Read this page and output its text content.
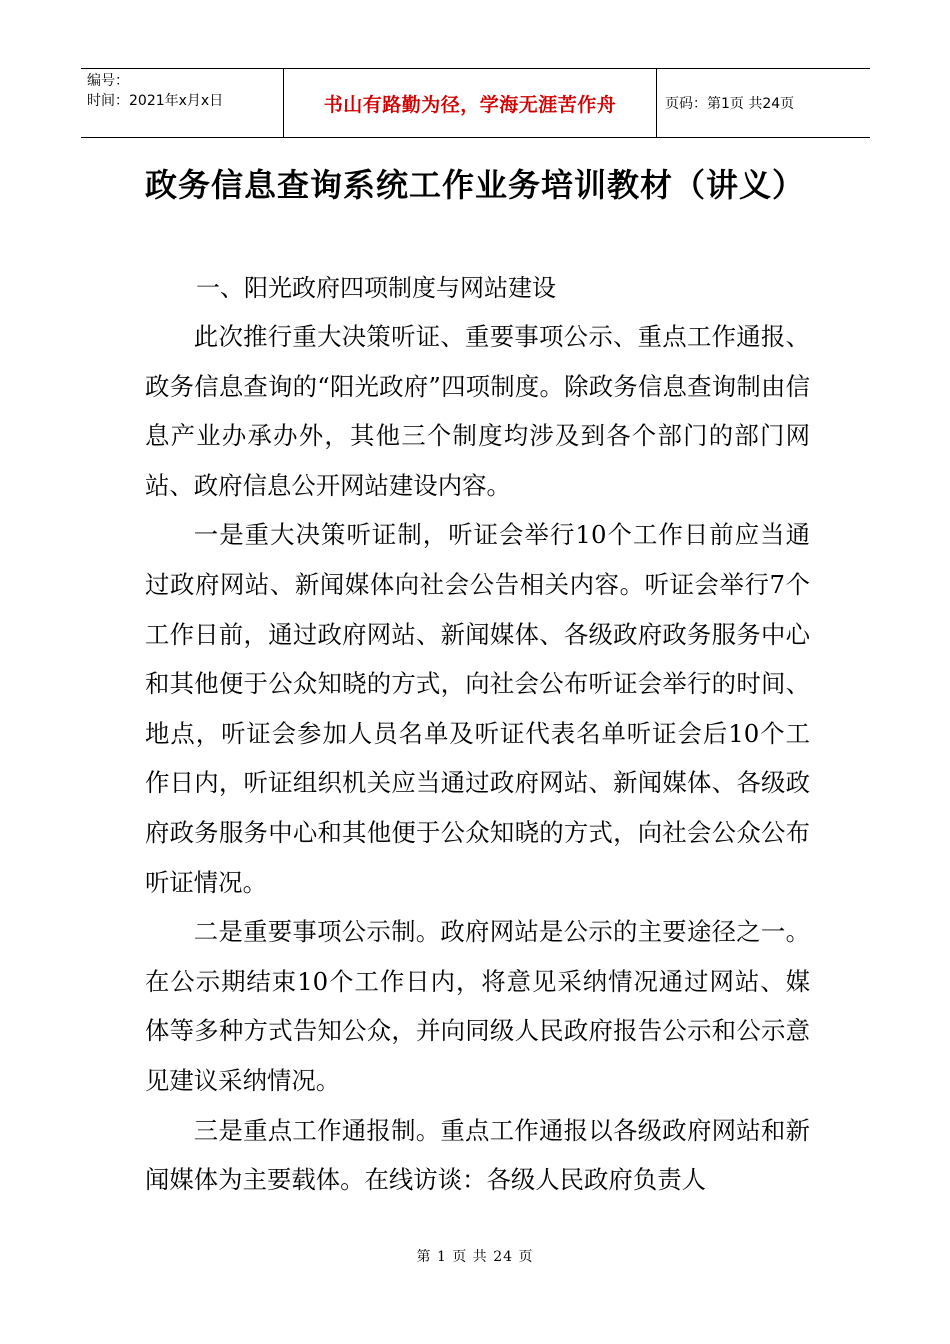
编号：
时间：2021年x月x日	书山有路勤为径，学海无涯苦作舟	页码：第1页 共24页
政务信息查询系统工作业务培训教材（讲义）
一、阳光政府四项制度与网站建设

此次推行重大决策听证、重要事项公示、重点工作通报、政务信息查询的“阳光政府”四项制度。除政务信息查询制由信息产业办承办外，其他三个制度均涉及到各个部门的部门网站、政府信息公开网站建设内容。

一是重大决策听证制，听证会举行10个工作日前应当通过政府网站、新闻媒体向社会公告相关内容。听证会举行7个工作日前，通过政府网站、新闻媒体、各级政府政务服务中心和其他便于公众知晓的方式，向社会公布听证会举行的时间、地点，听证会参加人员名单及听证代表名单听证会后10个工作日内，听证组织机关应当通过政府网站、新闻媒体、各级政府政务服务中心和其他便于公众知晓的方式，向社会公众公布听证情况。

二是重要事项公示制。政府网站是公示的主要途径之一。在公示期结束10个工作日内，将意见采纳情况通过网站、媒体等多种方式告知公众，并向同级人民政府报告公示和公示意见建议采纳情况。

三是重点工作通报制。重点工作通报以各级政府网站和新闻媒体为主要载体。在线访谈：各级人民政府负责人

第 1 页 共 24 页
